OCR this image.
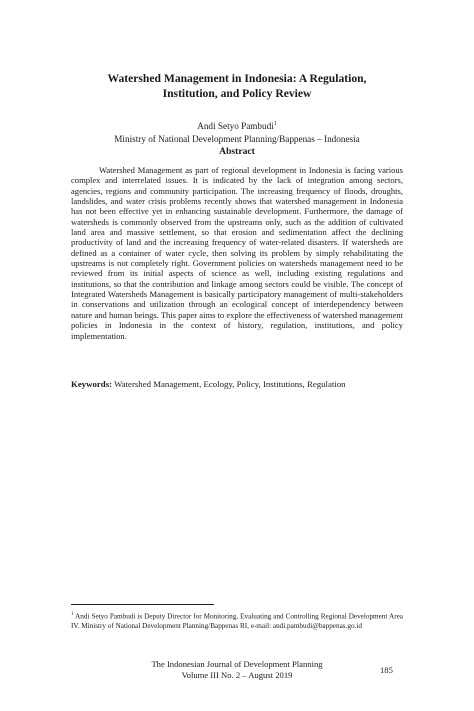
Watershed Management in Indonesia: A Regulation,
Institution, and Policy Review
Andi Setyo Pambudi$^1$
Ministry of National Development Planning/Bappenas – Indonesia
Abstract

Watershed Management as part of regional development in Indonesia is facing various complex and interrelated issues. It is indicated by the lack of integration among sectors, agencies, regions and community participation. The increasing frequency of floods, droughts, landslides, and water crisis problems recently shows that watershed management in Indonesia has not been effective yet in enhancing sustainable development. Furthermore, the damage of watersheds is commonly observed from the upstreams only, such as the addition of cultivated land area and massive settlement, so that erosion and sedimentation affect the declining productivity of land and the increasing frequency of water-related disasters. If watersheds are defined as a container of water cycle, then solving its problem by simply rehabilitating the upstreams is not completely right. Government policies on watersheds management need to be reviewed from its initial aspects of science as well, including existing regulations and institutions, so that the contribution and linkage among sectors could be visible. The concept of Integrated Watersheds Management is basically participatory management of multi-stakeholders in conservations and utilization through an ecological concept of interdependency between nature and human beings. This paper aims to explore the effectiveness of watershed management policies in Indonesia in the context of history, regulation, institutions, and policy implementation.

Keywords: Watershed Management, Ecology, Policy, Institutions, Regulation

$^1$ Andi Setyo Pambudi is Deputy Director for Monitoring, Evaluating and Controlling Regional Development Area IV. Ministry of National Development Planning/Bappenas RI, e-mail: andi.pambudi@bappenas.go.id

The Indonesian Journal of Development Planning
Volume III No. 2 – August 2019	185
